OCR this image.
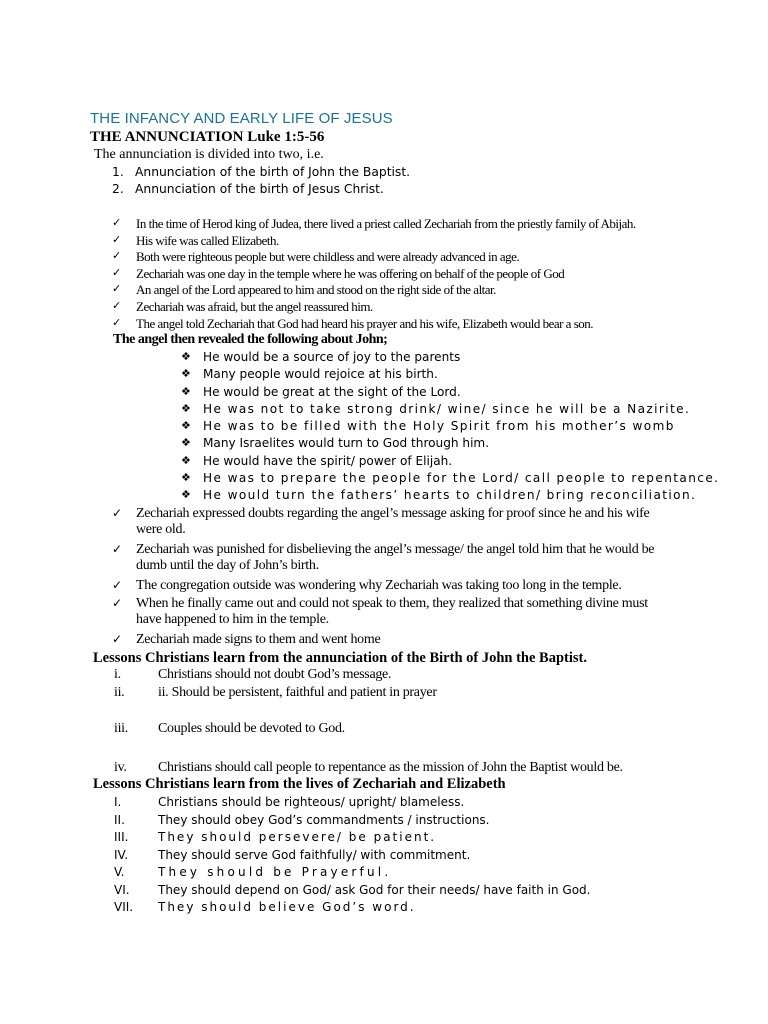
THE INFANCY AND EARLY LIFE OF JESUS
THE ANNUNCIATION Luke 1:5-56
The annunciation is divided into two, i.e.
1. Annunciation of the birth of John the Baptist.
2. Annunciation of the birth of Jesus Christ.
✓ In the time of Herod king of Judea, there lived a priest called Zechariah from the priestly family of Abijah.
✓ His wife was called Elizabeth.
✓ Both were righteous people but were childless and were already advanced in age.
✓ Zechariah was one day in the temple where he was offering on behalf of the people of God
✓ An angel of the Lord appeared to him and stood on the right side of the altar.
✓ Zechariah was afraid, but the angel reassured him.
✓ The angel told Zechariah that God had heard his prayer and his wife, Elizabeth would bear a son.
The angel then revealed the following about John;
❖ He would be a source of joy to the parents
❖ Many people would rejoice at his birth.
❖ He would be great at the sight of the Lord.
❖ He was not to take strong drink/ wine/ since he will be a Nazirite.
❖ He was to be filled with the Holy Spirit from his mother’s womb
❖ Many Israelites would turn to God through him.
❖ He would have the spirit/ power of Elijah.
❖ He was to prepare the people for the Lord/ call people to repentance.
❖ He would turn the fathers’ hearts to children/ bring reconciliation.
✓ Zechariah expressed doubts regarding the angel’s message asking for proof since he and his wife
were old.
✓ Zechariah was punished for disbelieving the angel’s message/ the angel told him that he would be
dumb until the day of John’s birth.
✓ The congregation outside was wondering why Zechariah was taking too long in the temple.
✓ When he finally came out and could not speak to them, they realized that something divine must
have happened to him in the temple.
✓ Zechariah made signs to them and went home
Lessons Christians learn from the annunciation of the Birth of John the Baptist.
i.	Christians should not doubt God’s message.
ii. ii. Should be persistent, faithful and patient in prayer
iii. Couples should be devoted to God.
iv. Christians should call people to repentance as the mission of John the Baptist would be.
Lessons Christians learn from the lives of Zechariah and Elizabeth
I.	Christians should be righteous/ upright/ blameless.
II.	They should obey God’s commandments / instructions.
III. They should persevere/ be patient.
IV. They should serve God faithfully/ with commitment.
V.	They should be Prayerful.
VI. They should depend on God/ ask God for their needs/ have faith in God.
VII. They should believe God’s word.
